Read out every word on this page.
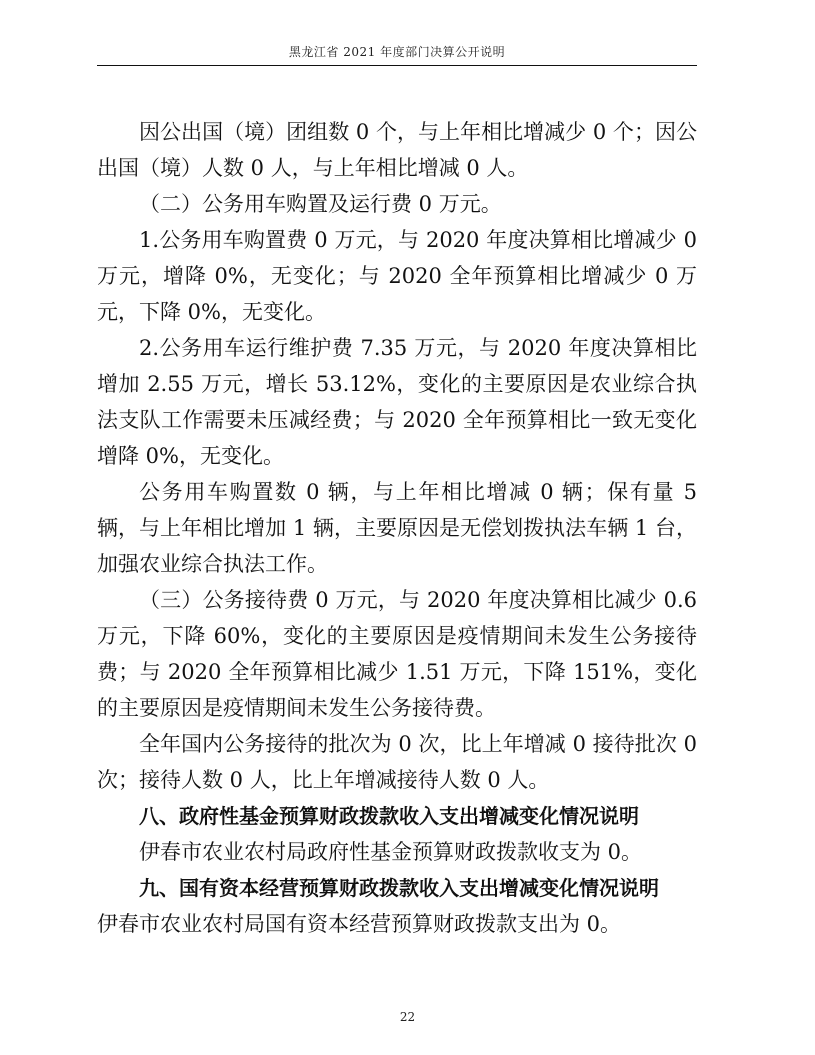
黑龙江省 2021 年度部门决算公开说明

因公出国（境）团组数 0 个，与上年相比增减少 0 个；因公出国（境）人数 0 人，与上年相比增减 0 人。

（二）公务用车购置及运行费 0 万元。

1.公务用车购置费 0 万元，与 2020 年度决算相比增减少 0 万元，增降 0%，无变化；与 2020 全年预算相比增减少 0 万元，下降 0%，无变化。

2.公务用车运行维护费 7.35 万元，与 2020 年度决算相比增加 2.55 万元，增长 53.12%，变化的主要原因是农业综合执法支队工作需要未压减经费；与 2020 全年预算相比一致无变化增降 0%，无变化。

公务用车购置数 0 辆，与上年相比增减 0 辆；保有量 5 辆，与上年相比增加 1 辆，主要原因是无偿划拨执法车辆 1 台，加强农业综合执法工作。

（三）公务接待费 0 万元，与 2020 年度决算相比减少 0.6 万元，下降 60%，变化的主要原因是疫情期间未发生公务接待费；与 2020 全年预算相比减少 1.51 万元，下降 151%，变化的主要原因是疫情期间未发生公务接待费。

全年国内公务接待的批次为 0 次，比上年增减 0 接待批次 0 次；接待人数 0 人，比上年增减接待人数 0 人。

八、政府性基金预算财政拨款收入支出增减变化情况说明

伊春市农业农村局政府性基金预算财政拨款收支为 0。

九、国有资本经营预算财政拨款收入支出增减变化情况说明

伊春市农业农村局国有资本经营预算财政拨款支出为 0。

22
